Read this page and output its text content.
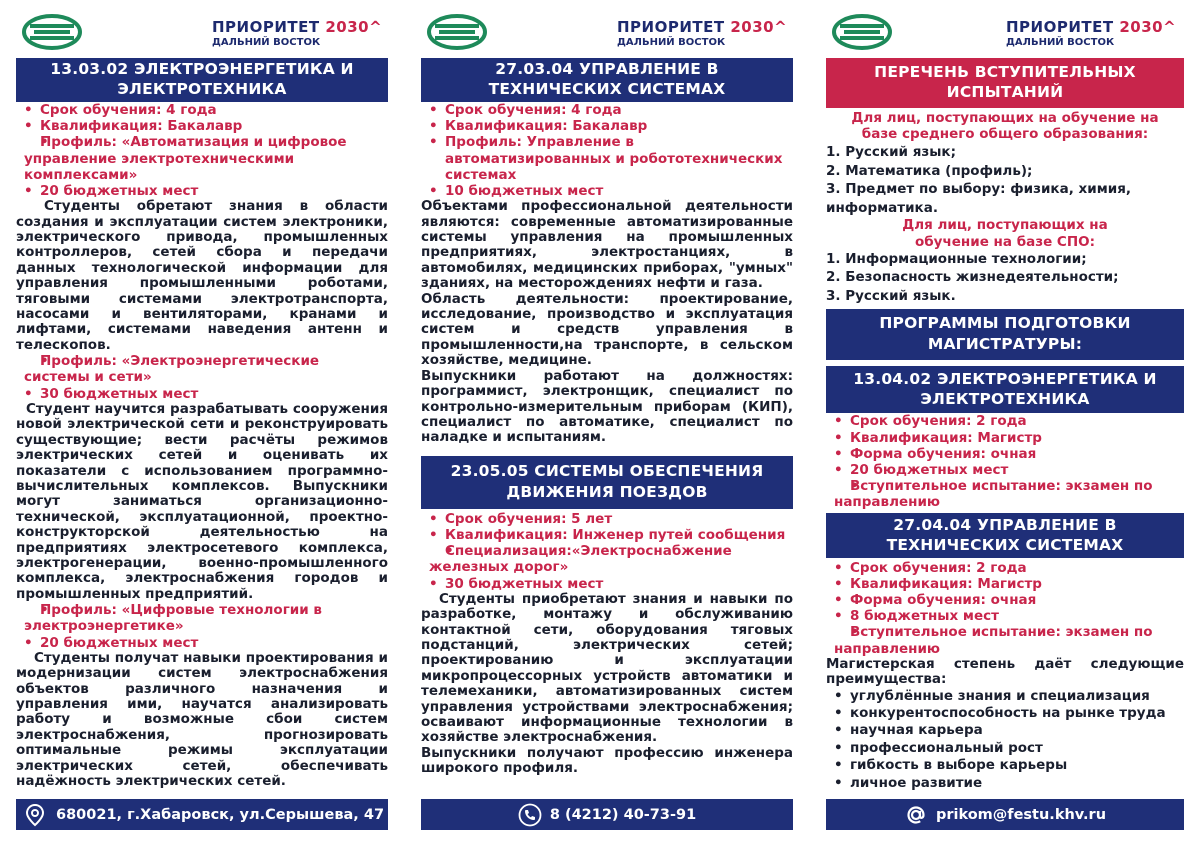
ПРИОРИТЕТ 2030^
ДАЛЬНИЙ ВОСТОК
13.03.02 ЭЛЕКТРОЭНЕРГЕТИКА И ЭЛЕКТРОТЕХНИКА
• Срок обучения: 4 года
• Квалификация: Бакалавр
• Профиль: «Автоматизация и цифровое управление электротехническими комплексами»
• 20 бюджетных мест

Студенты обретают знания в области создания и эксплуатации систем электроники, электрического привода, промышленных контроллеров, сетей сбора и передачи данных технологической информации для управления промышленными роботами, тяговыми системами электротранспорта, насосами и вентиляторами, кранами и лифтами, системами наведения антенн и телескопов.

• Профиль: «Электроэнергетические системы и сети»
• 30 бюджетных мест

Студент научится разрабатывать сооружения новой электрической сети и реконструировать существующие; вести расчёты режимов электрических сетей и оценивать их показатели с использованием программно-вычислительных комплексов. Выпускники могут заниматься организационно-технической, эксплуатационной, проектно-конструкторской деятельностью на предприятиях электросетевого комплекса, электрогенерации, военно-промышленного комплекса, электроснабжения городов и промышленных предприятий.

• Профиль: «Цифровые технологии в электроэнергетике»
• 20 бюджетных мест

Студенты получат навыки проектирования и модернизации систем электроснабжения объектов различного назначения и управления ими, научатся анализировать работу и возможные сбои систем электроснабжения, прогнозировать оптимальные режимы эксплуатации электрических сетей, обеспечивать надёжность электрических сетей.

680021, г.Хабаровск, ул.Серышева, 47
ПРИОРИТЕТ 2030^
ДАЛЬНИЙ ВОСТОК
27.03.04 УПРАВЛЕНИЕ В ТЕХНИЧЕСКИХ СИСТЕМАХ
• Срок обучения: 4 года
• Квалификация: Бакалавр
• Профиль: Управление в автоматизированных и робототехнических системах
• 10 бюджетных мест

Объектами профессиональной деятельности являются: современные автоматизированные системы управления на промышленных предприятиях, электростанциях, в автомобилях, медицинских приборах, "умных" зданиях, на месторождениях нефти и газа.

Область деятельности: проектирование, исследование, производство и эксплуатация систем и средств управления в промышленности,на транспорте, в сельском хозяйстве, медицине.

Выпускники работают на должностях: программист, электронщик, специалист по контрольно-измерительным приборам (КИП), специалист по автоматике, специалист по наладке и испытаниям.

23.05.05 СИСТЕМЫ ОБЕСПЕЧЕНИЯ ДВИЖЕНИЯ ПОЕЗДОВ
• Срок обучения: 5 лет
• Квалификация: Инженер путей сообщения
• Специализация:«Электроснабжение железных дорог»
• 30 бюджетных мест

Студенты приобретают знания и навыки по разработке, монтажу и обслуживанию контактной сети, оборудования тяговых подстанций, электрических сетей; проектированию и эксплуатации микропроцессорных устройств автоматики и телемеханики, автоматизированных систем управления устройствами электроснабжения; осваивают информационные технологии в хозяйстве электроснабжения.

Выпускники получают профессию инженера широкого профиля.

8 (4212) 40-73-91
ПРИОРИТЕТ 2030^
ДАЛЬНИЙ ВОСТОК
ПЕРЕЧЕНЬ ВСТУПИТЕЛЬНЫХ ИСПЫТАНИЙ
Для лиц, поступающих на обучение на базе среднего общего образования:
1. Русский язык;
2. Математика (профиль);
3. Предмет по выбору: физика, химия, информатика.
Для лиц, поступающих на обучение на базе СПО:
1. Информационные технологии;
2. Безопасность жизнедеятельности;
3. Русский язык.
ПРОГРАММЫ ПОДГОТОВКИ МАГИСТРАТУРЫ:
13.04.02 ЭЛЕКТРОЭНЕРГЕТИКА И ЭЛЕКТРОТЕХНИКА
• Срок обучения: 2 года
• Квалификация: Магистр
• Форма обучения: очная
• 20 бюджетных мест
• Вступительное испытание: экзамен по направлению
27.04.04 УПРАВЛЕНИЕ В ТЕХНИЧЕСКИХ СИСТЕМАХ
• Срок обучения: 2 года
• Квалификация: Магистр
• Форма обучения: очная
• 8 бюджетных мест
• Вступительное испытание: экзамен по направлению

Магистерская степень даёт следующие преимущества:

• углублённые знания и специализация
• конкурентоспособность на рынке труда
• научная карьера
• профессиональный рост
• гибкость в выборе карьеры
• личное развитие
prikom@festu.khv.ru
